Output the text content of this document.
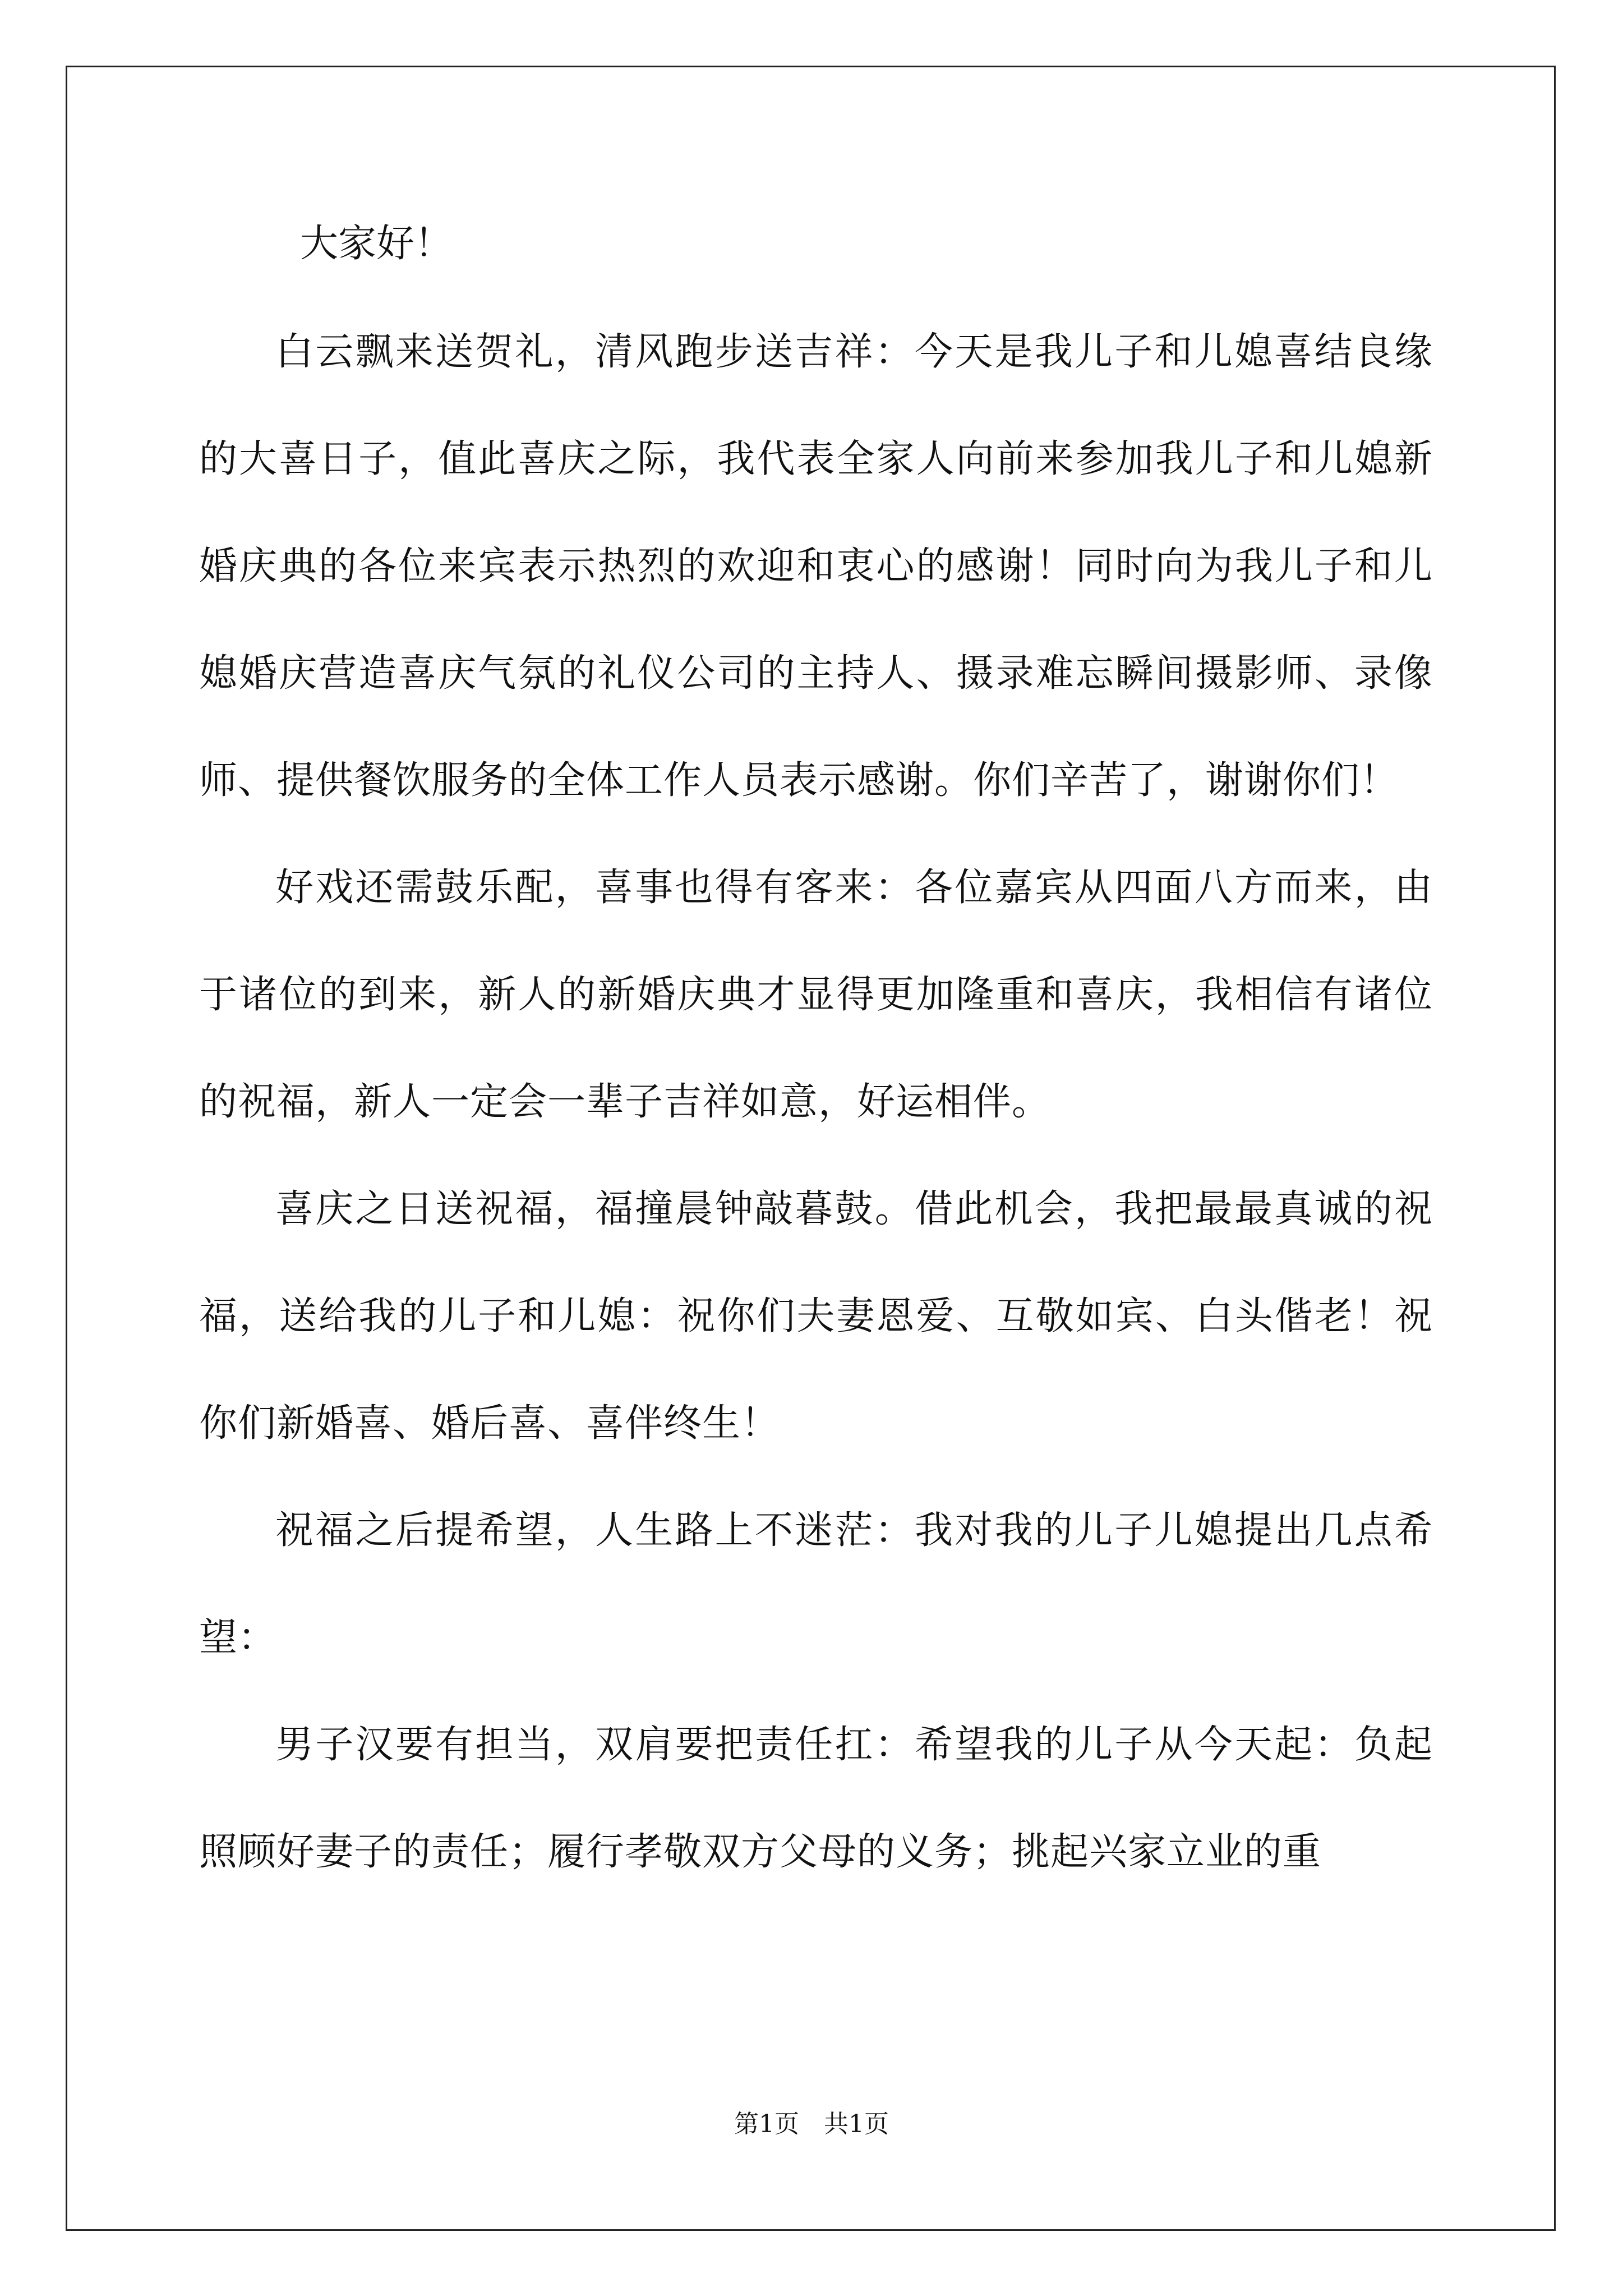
大家好！

白云飘来送贺礼，清风跑步送吉祥：今天是我儿子和儿媳喜结良缘的大喜日子，值此喜庆之际，我代表全家人向前来参加我儿子和儿媳新婚庆典的各位来宾表示热烈的欢迎和衷心的感谢！同时向为我儿子和儿媳婚庆营造喜庆气氛的礼仪公司的主持人、摄录难忘瞬间摄影师、录像师、提供餐饮服务的全体工作人员表示感谢。你们辛苦了，谢谢你们！

好戏还需鼓乐配，喜事也得有客来：各位嘉宾从四面八方而来，由于诸位的到来，新人的新婚庆典才显得更加隆重和喜庆，我相信有诸位的祝福，新人一定会一辈子吉祥如意，好运相伴。

喜庆之日送祝福，福撞晨钟敲暮鼓。借此机会，我把最最真诚的祝福，送给我的儿子和儿媳：祝你们夫妻恩爱、互敬如宾、白头偕老！祝你们新婚喜、婚后喜、喜伴终生！

祝福之后提希望，人生路上不迷茫：我对我的儿子儿媳提出几点希望：

男子汉要有担当，双肩要把责任扛：希望我的儿子从今天起：负起照顾好妻子的责任；履行孝敬双方父母的义务；挑起兴家立业的重

第1页　共1页
